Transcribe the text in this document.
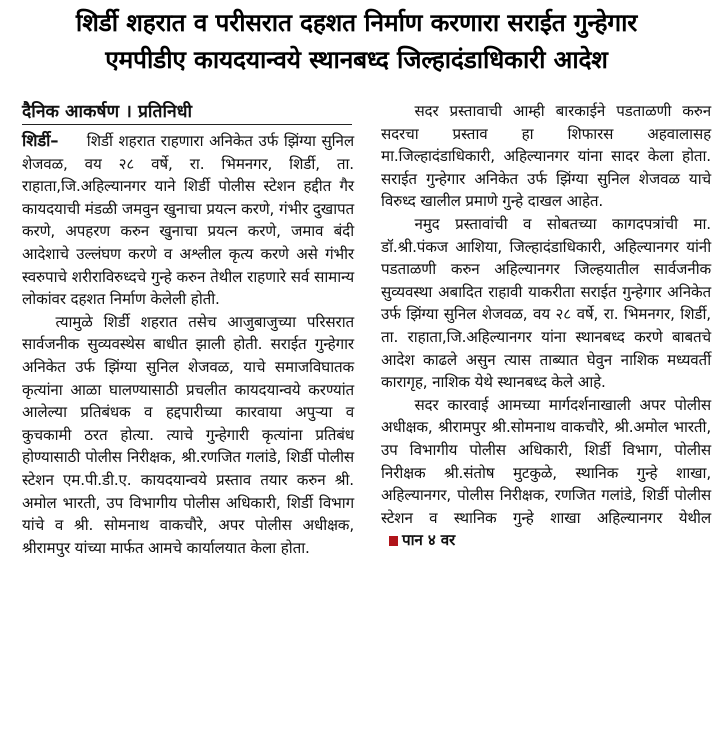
शिर्डी शहरात व परीसरात दहशत निर्माण करणारा सराईत गुन्हेगार
एमपीडीए कायदयान्वये स्थानबध्द जिल्हादंडाधिकारी आदेश
दैनिक आकर्षण । प्रतिनिधी

शिर्डी– शिर्डी शहरात राहणारा अनिकेत उर्फ झिंग्या सुनिल शेजवळ, वय २८ वर्षे, रा. भिमनगर, शिर्डी, ता. राहाता,जि.अहिल्यानगर याने शिर्डी पोलीस स्टेशन हद्दीत गैर कायदयाची मंडळी जमवुन खुनाचा प्रयत्न करणे, गंभीर दुखापत करणे, अपहरण करुन खुनाचा प्रयत्न करणे, जमाव बंदी आदेशाचे उल्लंघण करणे व अश्लील कृत्य करणे असे गंभीर स्वरुपाचे शरीराविरुध्दचे गुन्हे करुन तेथील राहणारे सर्व सामान्य लोकांवर दहशत निर्माण केलेली होती.

त्यामुळे शिर्डी शहरात तसेच आजुबाजुच्या परिसरात सार्वजनीक सुव्यवस्थेस बाधीत झाली होती. सराईत गुन्हेगार अनिकेत उर्फ झिंग्या सुनिल शेजवळ, याचे समाजविघातक कृत्यांना आळा घालण्यासाठी प्रचलीत कायदयान्वये करण्यांत आलेल्या प्रतिबंधक व हद्दपारीच्या कारवाया अपुऱ्या व कुचकामी ठरत होत्या. त्याचे गुन्हेगारी कृत्यांना प्रतिबंध होण्यासाठी पोलीस निरीक्षक, श्री.रणजित गलांडे, शिर्डी पोलीस स्टेशन एम.पी.डी.ए. कायदयान्वये प्रस्ताव तयार करुन श्री. अमोल भारती, उप विभागीय पोलीस अधिकारी, शिर्डी विभाग यांचे व श्री. सोमनाथ वाकचौरे, अपर पोलीस अधीक्षक, श्रीरामपुर यांच्या मार्फत आमचे कार्यालयात केला होता.

सदर प्रस्तावाची आम्ही बारकाईने पडताळणी करुन सदरचा प्रस्ताव हा शिफारस अहवालासह मा.जिल्हादंडाधिकारी, अहिल्यानगर यांना सादर केला होता. सराईत गुन्हेगार अनिकेत उर्फ झिंग्या सुनिल शेजवळ याचे विरुध्द खालील प्रमाणे गुन्हे दाखल आहेत.

नमुद प्रस्तावांची व सोबतच्या कागदपत्रांची मा. डॉ.श्री.पंकज आशिया, जिल्हादंडाधिकारी, अहिल्यानगर यांनी पडताळणी करुन अहिल्यानगर जिल्हयातील सार्वजनीक सुव्यवस्था अबादित राहावी याकरीता सराईत गुन्हेगार अनिकेत उर्फ झिंग्या सुनिल शेजवळ, वय २८ वर्षे, रा. भिमनगर, शिर्डी, ता. राहाता,जि.अहिल्यानगर यांना स्थानबध्द करणे बाबतचे आदेश काढले असुन त्यास ताब्यात घेवुन नाशिक मध्यवर्ती कारागृह, नाशिक येथे स्थानबध्द केले आहे.

सदर कारवाई आमच्या मार्गदर्शनाखाली अपर पोलीस अधीक्षक, श्रीरामपुर श्री.सोमनाथ वाकचौरे, श्री.अमोल भारती, उप विभागीय पोलीस अधिकारी, शिर्डी विभाग, पोलीस निरीक्षक श्री.संतोष मुटकुळे, स्थानिक गुन्हे शाखा, अहिल्यानगर, पोलीस निरीक्षक, रणजित गलांडे, शिर्डी पोलीस स्टेशन व स्थानिक गुन्हे शाखा अहिल्यानगर येथीलपान ४ वर
